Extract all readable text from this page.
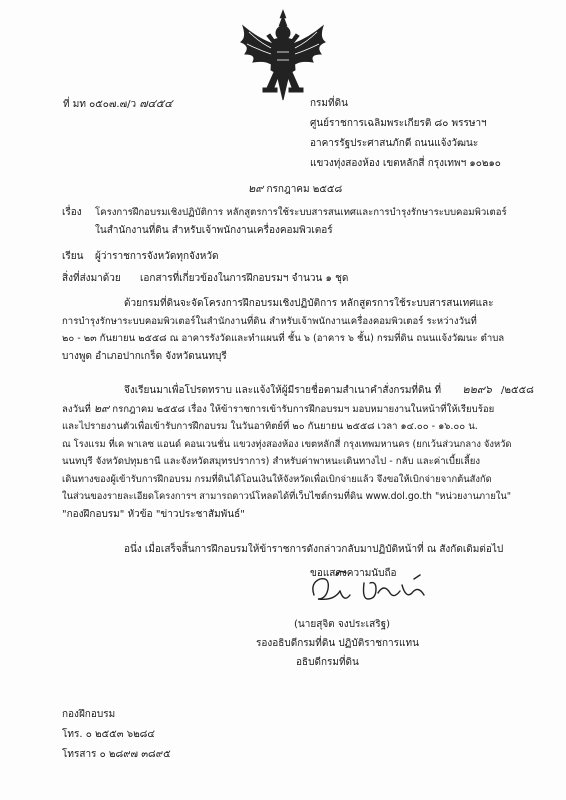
ที่ มท ๐๕๐๗.๗/ว ๗๔๕๔	กรมที่ดิน
ศูนย์ราชการเฉลิมพระเกียรติ ๘๐ พรรษาฯ
อาคารรัฐประศาสนภักดี ถนนแจ้งวัฒนะ
แขวงทุ่งสองห้อง เขตหลักสี่ กรุงเทพฯ ๑๐๒๑๐
๒๙ กรกฎาคม ๒๕๕๘
เรื่อง โครงการฝึกอบรมเชิงปฏิบัติการ หลักสูตรการใช้ระบบสารสนเทศและการบำรุงรักษาระบบคอมพิวเตอร์
ในสำนักงานที่ดิน สำหรับเจ้าพนักงานเครื่องคอมพิวเตอร์
เรียน ผู้ว่าราชการจังหวัดทุกจังหวัด
สิ่งที่ส่งมาด้วย เอกสารที่เกี่ยวข้องในการฝึกอบรมฯ จำนวน ๑ ชุด
ด้วยกรมที่ดินจะจัดโครงการฝึกอบรมเชิงปฏิบัติการ หลักสูตรการใช้ระบบสารสนเทศและ
การบำรุงรักษาระบบคอมพิวเตอร์ในสำนักงานที่ดิน สำหรับเจ้าพนักงานเครื่องคอมพิวเตอร์ ระหว่างวันที่
๒๐ - ๒๓ กันยายน ๒๕๕๘ ณ อาคารรังวัดและทำแผนที่ ชั้น ๖ (อาคาร ๖ ชั้น) กรมที่ดิน ถนนแจ้งวัฒนะ ตำบล
บางพูด อำเภอปากเกร็ด จังหวัดนนทบุรี
จึงเรียนมาเพื่อโปรดทราบ และแจ้งให้ผู้มีรายชื่อตามสำเนาคำสั่งกรมที่ดิน ที่ ๒๒๙๖ /๒๕๕๘
ลงวันที่ ๒๙ กรกฎาคม ๒๕๕๘ เรื่อง ให้ข้าราชการเข้ารับการฝึกอบรมฯ มอบหมายงานในหน้าที่ให้เรียบร้อย
และไปรายงานตัวเพื่อเข้ารับการฝึกอบรม ในวันอาทิตย์ที่ ๒๐ กันยายน ๒๕๕๘ เวลา ๑๔.๐๐ - ๑๖.๐๐ น.
ณ โรงแรม ที่เค พาเลซ แอนด์ คอนเวนชั่น แขวงทุ่งสองห้อง เขตหลักสี่ กรุงเทพมหานคร (ยกเว้นส่วนกลาง จังหวัด
นนทบุรี จังหวัดปทุมธานี และจังหวัดสมุทรปราการ) สำหรับค่าพาหนะเดินทางไป - กลับ และค่าเบี้ยเลี้ยง
เดินทางของผู้เข้ารับการฝึกอบรม กรมที่ดินได้โอนเงินให้จังหวัดเพื่อเบิกจ่ายแล้ว จึงขอให้เบิกจ่ายจากต้นสังกัด
ในส่วนของรายละเอียดโครงการฯ สามารถดาวน์โหลดได้ที่เว็บไซต์กรมที่ดิน www.dol.go.th "หน่วยงานภายใน"
"กองฝึกอบรม" หัวข้อ "ข่าวประชาสัมพันธ์"
อนึ่ง เมื่อเสร็จสิ้นการฝึกอบรมให้ข้าราชการดังกล่าวกลับมาปฏิบัติหน้าที่ ณ สังกัดเดิมต่อไป
ขอแสดงความนับถือ
(นายสุจิต จงประเสริฐ)
รองอธิบดีกรมที่ดิน ปฏิบัติราชการแทน
อธิบดีกรมที่ดิน
กองฝึกอบรม
โทร. ๐ ๒๕๕๓ ๖๒๘๔
โทรสาร ๐ ๒๘๙๗ ๓๘๙๕
